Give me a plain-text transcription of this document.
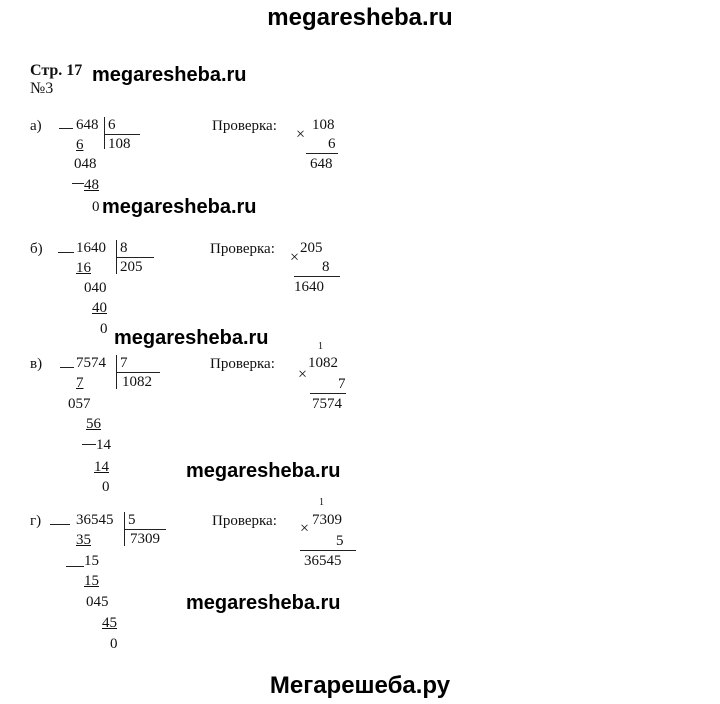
megaresheba.ru
Мегарешеба.ру
Стр. 17 megaresheba.ru
№3
а) 648 6
108
6
048
48
0 megaresheba.ru
Проверка: 108
×
6
648
б) 1640 8
205
16
040
40
0 megaresheba.ru
Проверка: 205
×
8
1640
в) 7574 7
1082
7
057
56
14
14
0
megaresheba.ru
Проверка:
1
1082
×
7
7574
г) 36545 5
7309
35
15
15
045
45
0
megaresheba.ru
Проверка:
1
7309
×
5
36545
